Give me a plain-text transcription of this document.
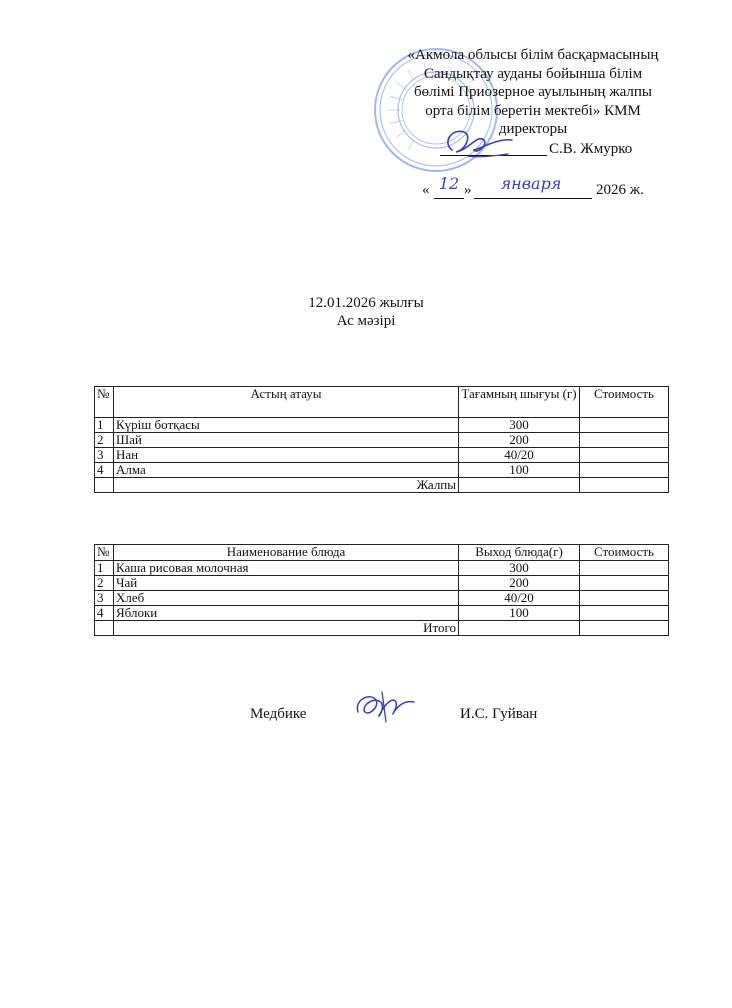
«Акмола облысы білім басқармасының
Сандықтау ауданы бойынша білім
бөлімі Приозерное ауылының жалпы
орта білім беретін мектебі» КММ
директоры
С.В. Жмурко
« 12 »	января	2026 ж.
12.01.2026 жылғы
Ас мәзірі
№	Астың атауы	Тағамның шығуы (г)	Стоимость
1	Күріш ботқасы	300	
2	Шай	200	
3	Нан	40/20	
4	Алма	100	
	Жалпы		
№	Наименование блюда	Выход блюда(г)	Стоимость
1	Каша рисовая молочная	300	
2	Чай	200	
3	Хлеб	40/20	
4	Яблоки	100	
	Итого		
Медбике	И.С. Гуйван
